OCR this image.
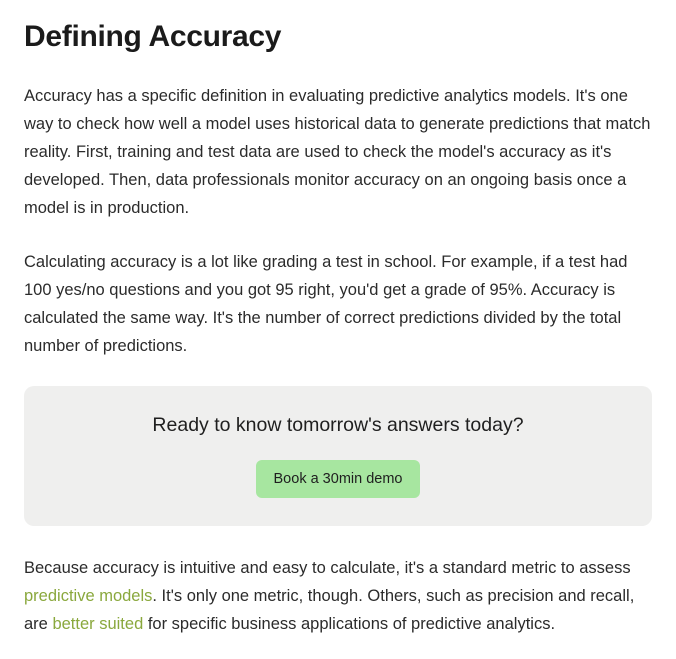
Defining Accuracy

Accuracy has a specific definition in evaluating predictive analytics models. It's one way to check how well a model uses historical data to generate predictions that match reality. First, training and test data are used to check the model's accuracy as it's developed. Then, data professionals monitor accuracy on an ongoing basis once a model is in production.

Calculating accuracy is a lot like grading a test in school. For example, if a test had 100 yes/no questions and you got 95 right, you'd get a grade of 95%. Accuracy is calculated the same way. It's the number of correct predictions divided by the total number of predictions.

Ready to know tomorrow's answers today?
Book a 30min demo

Because accuracy is intuitive and easy to calculate, it's a standard metric to assess predictive models. It's only one metric, though. Others, such as precision and recall, are better suited for specific business applications of predictive analytics.
